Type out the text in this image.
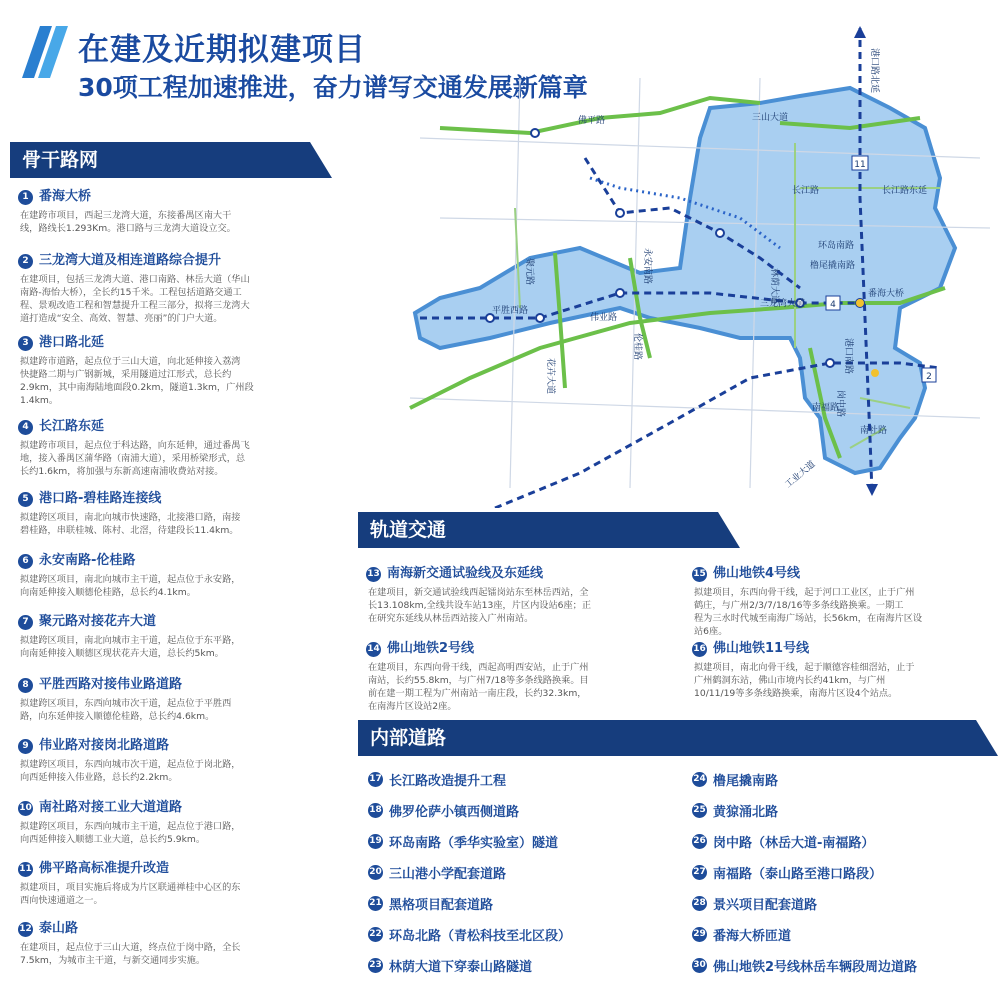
在建及近期拟建项目
30项工程加速推进，奋力谱写交通发展新篇章
骨干路网
1 番海大桥
在建跨市项目，西起三龙湾大道，东接番禺区南大干
线，路线长1.293Km。港口路与三龙湾大道设立交。
2 三龙湾大道及相连道路综合提升
在建项目，包括三龙湾大道、港口南路、林岳大道（华山
南路-海怡大桥），全长约15千米。工程包括道路交通工
程、景观改造工程和智慧提升工程三部分，拟将三龙湾大
道打造成“安全、高效、智慧、亮丽”的门户大道。
3 港口路北延
拟建跨市道路，起点位于三山大道，向北延伸接入荔湾
快捷路二期与广钢新城，采用隧道过江形式，总长约
2.9km，其中南海陆地面段0.2km，隧道1.3km，广州段
1.4km。
4 长江路东延
拟建跨市项目，起点位于科达路，向东延伸，通过番禺飞
地，接入番禺区蒲华路（南浦大道），采用桥梁形式，总
长约1.6km，将加强与东新高速南浦收费站对接。
5 港口路-碧桂路连接线
拟建跨区项目，南北向城市快速路，北接港口路，南接
碧桂路，串联桂城、陈村、北滘，待建段长11.4km。
6 永安南路-伦桂路
拟建跨区项目，南北向城市主干道，起点位于永安路，
向南延伸接入顺德伦桂路，总长约4.1km。
7 聚元路对接花卉大道
拟建跨区项目，南北向城市主干道，起点位于东平路，
向南延伸接入顺德区现状花卉大道，总长约5km。
8 平胜西路对接伟业路道路
拟建跨区项目，东西向城市次干道，起点位于平胜西
路，向东延伸接入顺德伦桂路，总长约4.6km。
9 伟业路对接岗北路道路
拟建跨区项目，东西向城市次干道，起点位于岗北路，
向西延伸接入伟业路，总长约2.2km。
10 南社路对接工业大道道路
拟建跨区项目，东西向城市主干道，起点位于港口路，
向西延伸接入顺德工业大道，总长约5.9km。
11 佛平路高标准提升改造
拟建项目，项目实施后将成为片区联通禅桂中心区的东
西向快速通道之一。
12 泰山路
在建项目，起点位于三山大道，终点位于岗中路，全长
7.5km，为城市主干道，与新交通同步实施。
11
4
2
港口路北延
佛平路	三山大道
长江路	长江路东延
环岛南路
橹尾撬南路
林荫大道
三龙湾大道
番海大桥
聚元路	永安南路
平胜西路
伟业路
伦桂路
花卉大道
港口南路
南福路
南社路
工业大道
岗中路
轨道交通
13 南海新交通试验线及东延线
在建项目，新交通试验线西起镭岗站东至林岳西站，全
长13.108km,全线共设车站13座，片区内设站6座；正
在研究东延线从林岳西站接入广州南站。
14 佛山地铁2号线
在建项目，东西向骨干线，西起高明西安站，止于广州
南站，长约55.8km，与广州7/18等多条线路换乘。目
前在建一期工程为广州南站一南庄段，长约32.3km，
在南海片区设站2座。
15 佛山地铁4号线
拟建项目，东西向骨干线，起于河口工业区，止于广州
鹤庄，与广州2/3/7/18/16等多条线路换乘。一期工
程为三水时代城至南海广场站，长56km，在南海片区设
站6座。
16 佛山地铁11号线
拟建项目，南北向骨干线，起于顺德容桂细滘站，止于
广州鹤洞东站，佛山市境内长约41km，与广州
10/11/19等多条线路换乘，南海片区设4个站点。
内部道路
17 长江路改造提升工程
18 佛罗伦萨小镇西侧道路
19 环岛南路（季华实验室）隧道
20 三山港小学配套道路
21 黑格项目配套道路
22 环岛北路（青松科技至北区段）
23 林荫大道下穿泰山路隧道
24 橹尾撬南路
25 黄猄涌北路
26 岗中路（林岳大道-南福路）
27 南福路（泰山路至港口路段）
28 景兴项目配套道路
29 番海大桥匝道
30 佛山地铁2号线林岳车辆段周边道路
